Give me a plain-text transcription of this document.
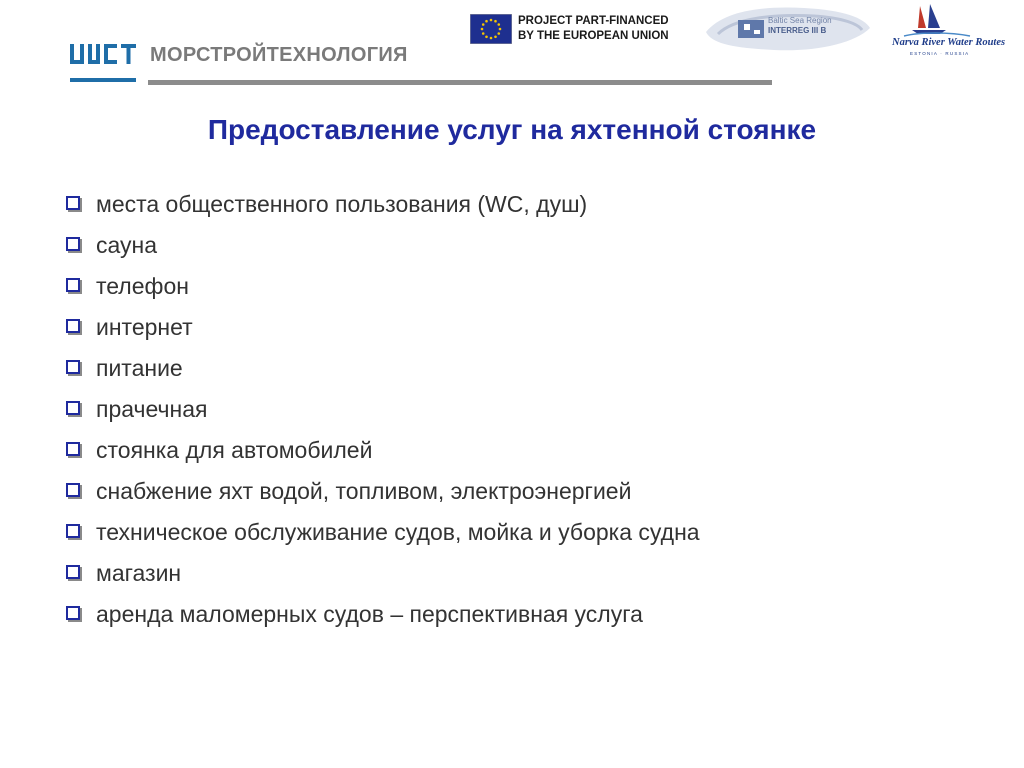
МОРСТРОЙТЕХНОЛОГИЯ
PROJECT PART-FINANCED
BY THE EUROPEAN UNION
Baltic Sea Region
INTERREG III B
Narva River Water Routes
ESTONIA · RUSSIA
Предоставление услуг на яхтенной стоянке
места общественного пользования (WC, душ)
сауна
телефон
интернет
питание
прачечная
стоянка для автомобилей
снабжение яхт водой, топливом, электроэнергией
техническое обслуживание судов, мойка и уборка судна
магазин
аренда маломерных судов – перспективная услуга
